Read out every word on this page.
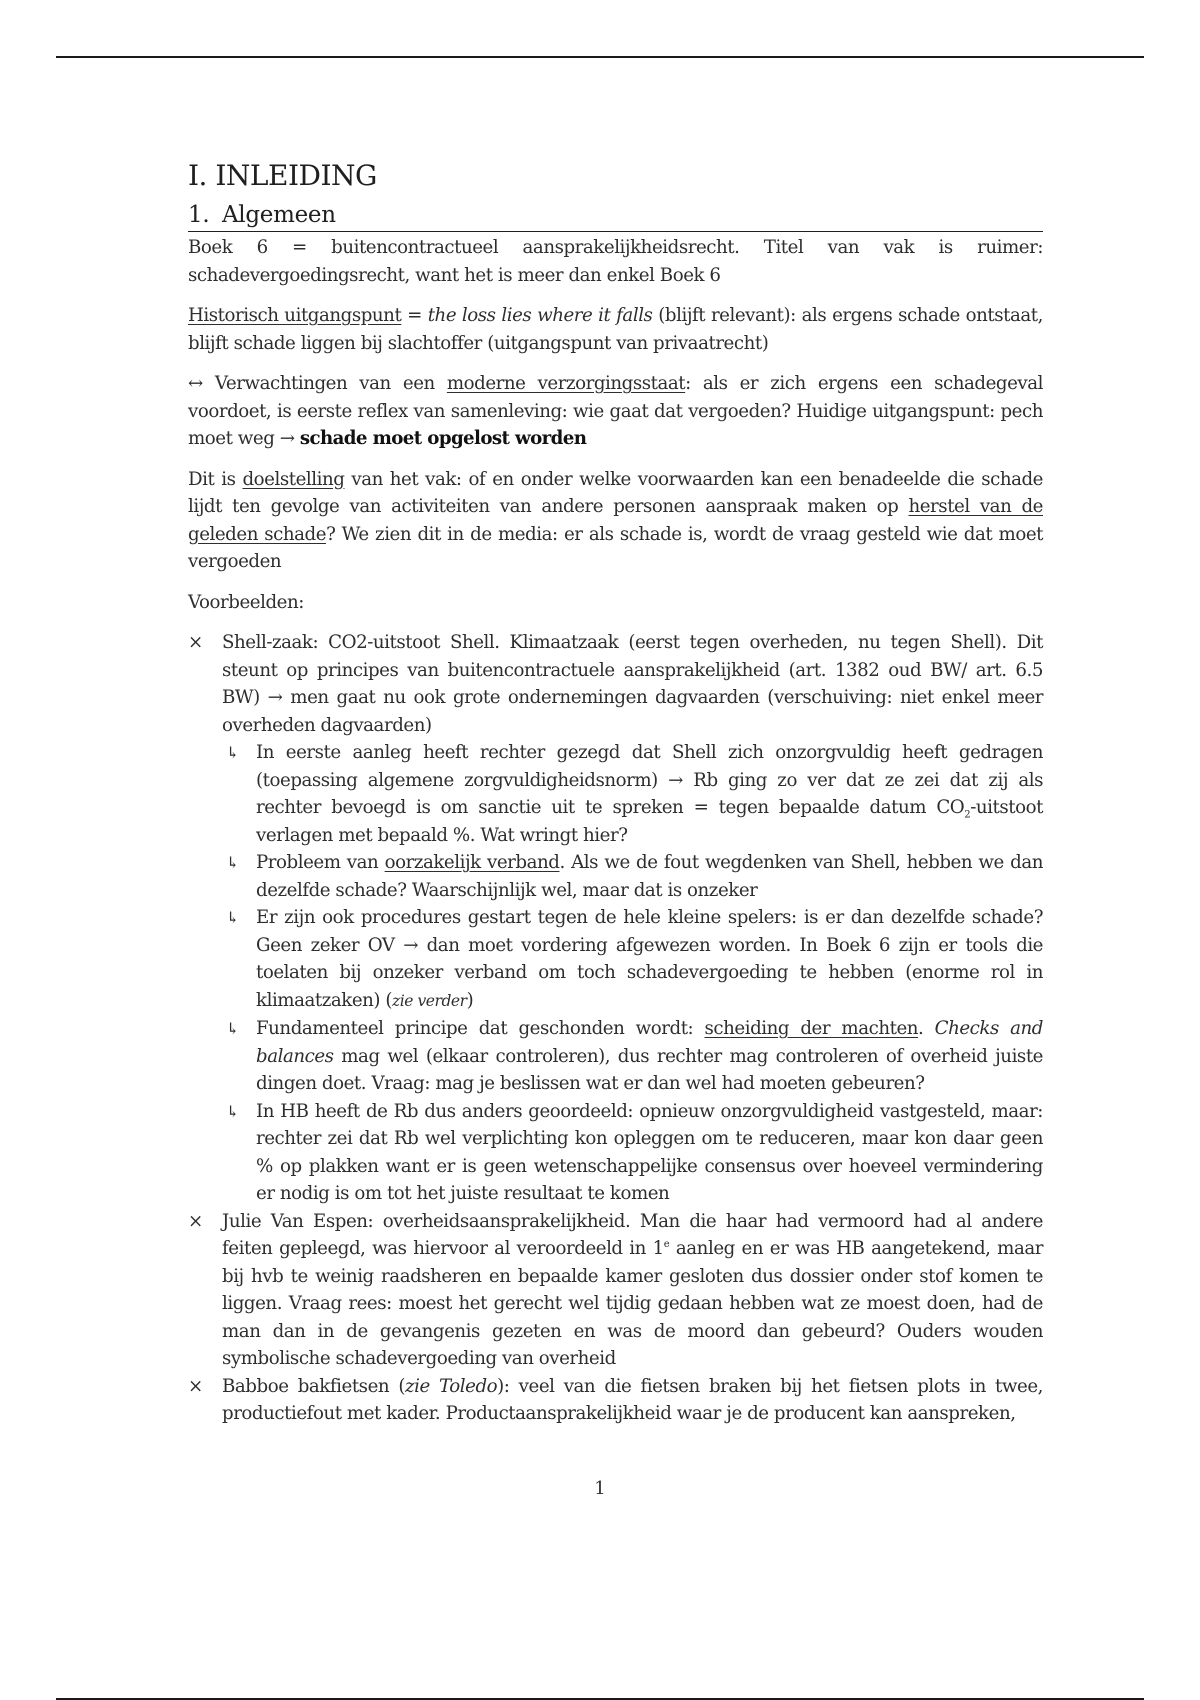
I. INLEIDING
1. Algemeen

Boek 6 = buitencontractueel aansprakelijkheidsrecht. Titel van vak is ruimer: schadevergoedingsrecht, want het is meer dan enkel Boek 6

Historisch uitgangspunt = the loss lies where it falls (blijft relevant): als ergens schade ontstaat, blijft schade liggen bij slachtoffer (uitgangspunt van privaatrecht)

↔ Verwachtingen van een moderne verzorgingsstaat: als er zich ergens een schadegeval voordoet, is eerste reflex van samenleving: wie gaat dat vergoeden? Huidige uitgangspunt: pech moet weg → schade moet opgelost worden

Dit is doelstelling van het vak: of en onder welke voorwaarden kan een benadeelde die schade lijdt ten gevolge van activiteiten van andere personen aanspraak maken op herstel van de geleden schade? We zien dit in de media: er als schade is, wordt de vraag gesteld wie dat moet vergoeden

Voorbeelden:

× Shell-zaak: CO2-uitstoot Shell. Klimaatzaak (eerst tegen overheden, nu tegen Shell). Dit steunt op principes van buitencontractuele aansprakelijkheid (art. 1382 oud BW/ art. 6.5 BW) → men gaat nu ook grote ondernemingen dagvaarden (verschuiving: niet enkel meer overheden dagvaarden)
↳ In eerste aanleg heeft rechter gezegd dat Shell zich onzorgvuldig heeft gedragen (toepassing algemene zorgvuldigheidsnorm) → Rb ging zo ver dat ze zei dat zij als rechter bevoegd is om sanctie uit te spreken = tegen bepaalde datum $CO_2$-uitstoot verlagen met bepaald %. Wat wringt hier?
↳ Probleem van oorzakelijk verband. Als we de fout wegdenken van Shell, hebben we dan dezelfde schade? Waarschijnlijk wel, maar dat is onzeker
↳ Er zijn ook procedures gestart tegen de hele kleine spelers: is er dan dezelfde schade? Geen zeker OV → dan moet vordering afgewezen worden. In Boek 6 zijn er tools die toelaten bij onzeker verband om toch schadevergoeding te hebben (enorme rol in klimaatzaken) (zie verder)
↳ Fundamenteel principe dat geschonden wordt: scheiding der machten. Checks and balances mag wel (elkaar controleren), dus rechter mag controleren of overheid juiste dingen doet. Vraag: mag je beslissen wat er dan wel had moeten gebeuren?
↳ In HB heeft de Rb dus anders geoordeeld: opnieuw onzorgvuldigheid vastgesteld, maar: rechter zei dat Rb wel verplichting kon opleggen om te reduceren, maar kon daar geen % op plakken want er is geen wetenschappelijke consensus over hoeveel vermindering er nodig is om tot het juiste resultaat te komen
× Julie Van Espen: overheidsaansprakelijkheid. Man die haar had vermoord had al andere feiten gepleegd, was hiervoor al veroordeeld in 1e aanleg en er was HB aangetekend, maar bij hvb te weinig raadsheren en bepaalde kamer gesloten dus dossier onder stof komen te liggen. Vraag rees: moest het gerecht wel tijdig gedaan hebben wat ze moest doen, had de man dan in de gevangenis gezeten en was de moord dan gebeurd? Ouders wouden symbolische schadevergoeding van overheid
× Babboe bakfietsen (zie Toledo): veel van die fietsen braken bij het fietsen plots in twee, productiefout met kader. Productaansprakelijkheid waar je de producent kan aanspreken,
1
